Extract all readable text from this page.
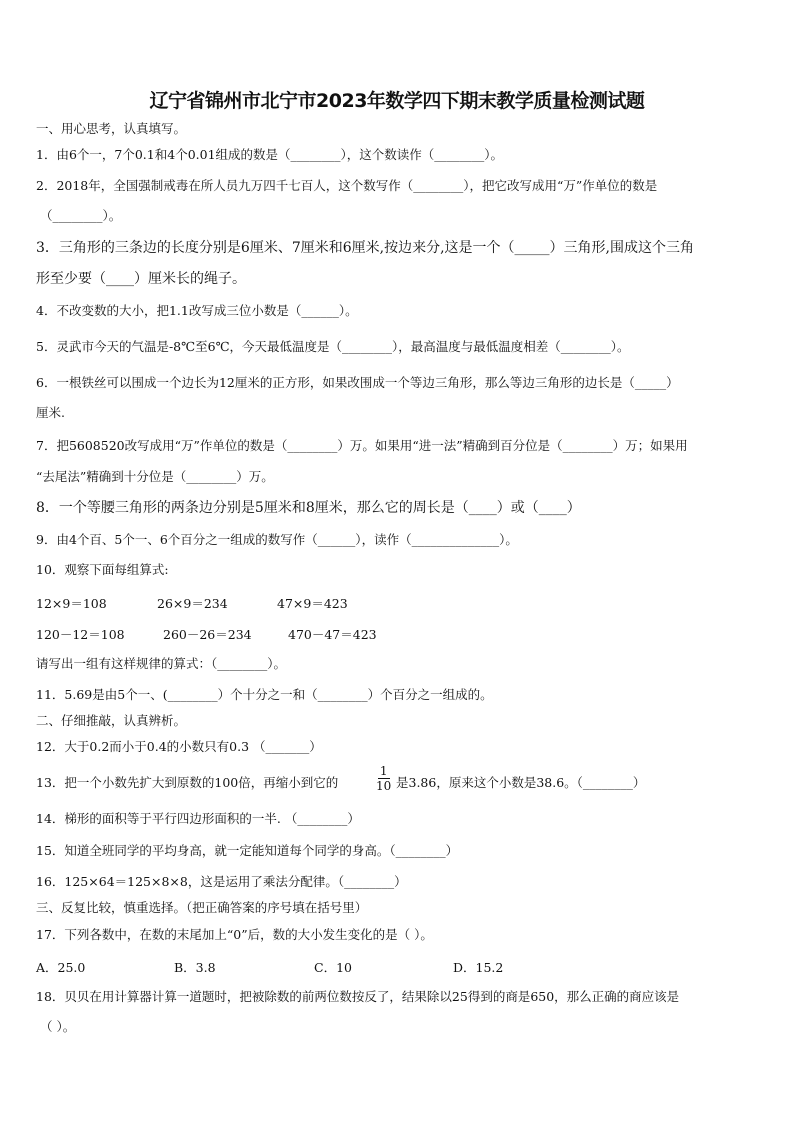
辽宁省锦州市北宁市2023年数学四下期末教学质量检测试题
一、用心思考，认真填写。
1．由6个一，7个0.1和4个0.01组成的数是（________），这个数读作（________）。
2．2018年，全国强制戒毒在所人员九万四千七百人，这个数写作（________），把它改写成用“万”作单位的数是
（________）。
3．三角形的三条边的长度分别是6厘米、7厘米和6厘米,按边来分,这是一个（_____）三角形,围成这个三角
形至少要（____）厘米长的绳子。
4．不改变数的大小，把1.1改写成三位小数是（______）。
5．灵武市今天的气温是-8℃至6℃，今天最低温度是（________），最高温度与最低温度相差（________）。
6．一根铁丝可以围成一个边长为12厘米的正方形，如果改围成一个等边三角形，那么等边三角形的边长是（_____）
厘米.
7．把5608520改写成用“万”作单位的数是（________）万。如果用“进一法”精确到百分位是（________）万；如果用
“去尾法”精确到十分位是（________）万。
8．一个等腰三角形的两条边分别是5厘米和8厘米，那么它的周长是（____）或（____）
9．由4个百、5个一、6个百分之一组成的数写作（______），读作（______________）。
10．观察下面每组算式:
12×9＝108	26×9＝234	47×9＝423
120－12＝108	260－26＝234	470－47＝423
请写出一组有这样规律的算式：（________）。
11．5.69是由5个一、(________）个十分之一和（________）个百分之一组成的。
二、仔细推敲，认真辨析。
12．大于0.2而小于0.4的小数只有0.3 （_______）
13．把一个小数先扩大到原数的100倍，再缩小到它的
1
10 是3.86，原来这个小数是38.6。（________）
14．梯形的面积等于平行四边形面积的一半. （________）
15．知道全班同学的平均身高，就一定能知道每个同学的身高。（________）
16．125×64＝125×8×8，这是运用了乘法分配律。（________）
三、反复比较，慎重选择。（把正确答案的序号填在括号里）
17．下列各数中，在数的末尾加上“0”后，数的大小发生变化的是（ ）。
A．25.0	B．3.8	C．10	D．15.2
18．贝贝在用计算器计算一道题时，把被除数的前两位数按反了，结果除以25得到的商是650，那么正确的商应该是
（ ）。
